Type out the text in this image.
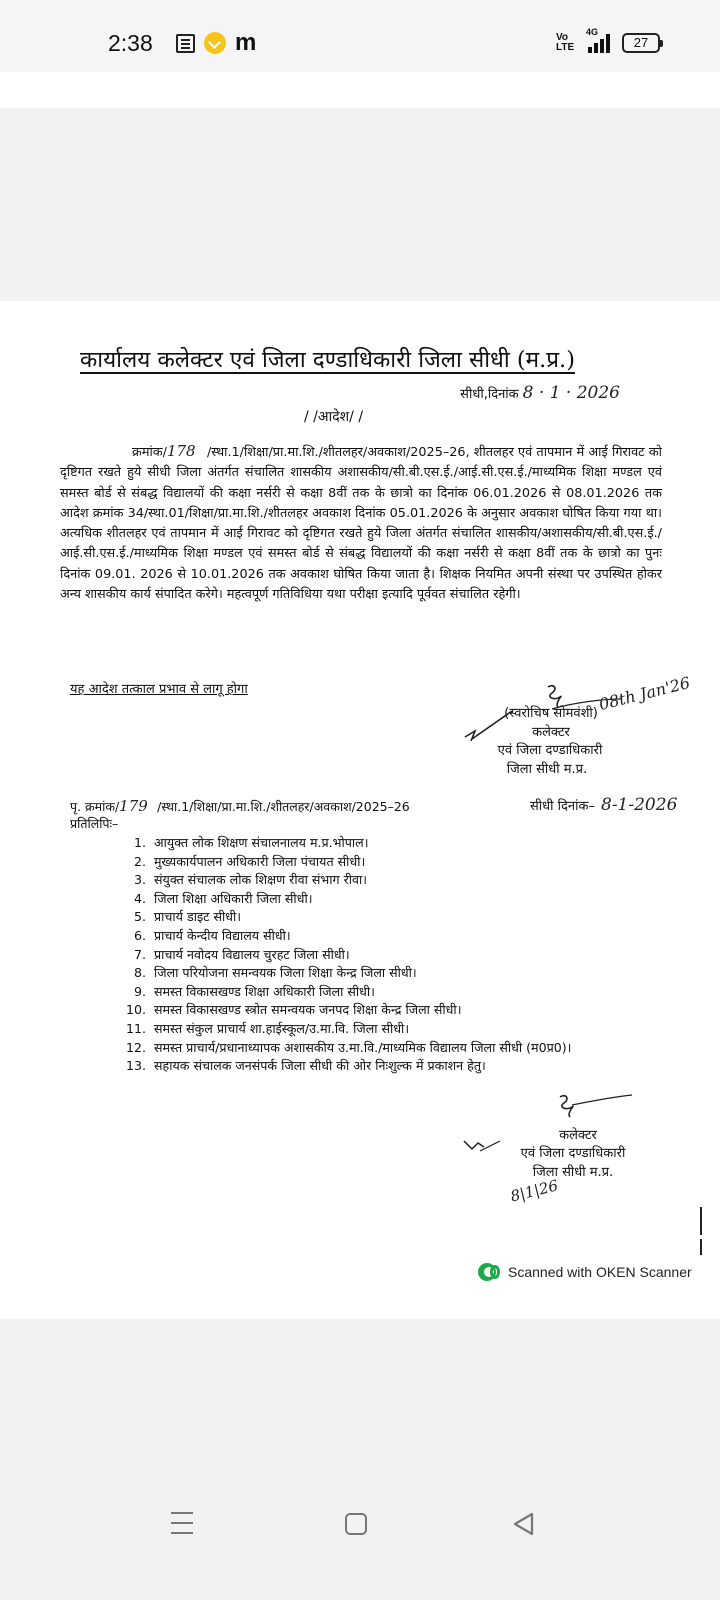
2:38	m	Vo LTE
4G
27
कार्यालय कलेक्टर एवं जिला दण्डाधिकारी जिला सीधी (म.प्र.)
सीधी,दिनांक 8 · 1 · 2026
/ /आदेश/ /
क्रमांक/178 /स्था.1/शिक्षा/प्रा.मा.शि./शीतलहर/अवकाश/2025–26, शीतलहर एवं तापमान में आई गिरावट को दृष्टिगत रखते हुये सीधी जिला अंतर्गत संचालित शासकीय अशासकीय/सी.बी.एस.ई./आई.सी.एस.ई./माध्यमिक शिक्षा मण्डल एवं समस्त बोर्ड से संबद्ध विद्यालयों की कक्षा नर्सरी से कक्षा 8वीं तक के छात्रो का दिनांक 06.01.2026 से 08.01.2026 तक आदेश क्रमांक 34/स्था.01/शिक्षा/प्रा.मा.शि./शीतलहर अवकाश दिनांक 05.01.2026 के अनुसार अवकाश घोषित किया गया था। अत्यधिक शीतलहर एवं तापमान में आई गिरावट को दृष्टिगत रखते हुये जिला अंतर्गत संचालित शासकीय/अशासकीय/सी.बी.एस.ई./आई.सी.एस.ई./माध्यमिक शिक्षा मण्डल एवं समस्त बोर्ड से संबद्ध विद्यालयों की कक्षा नर्सरी से कक्षा 8वीं तक के छात्रो का पुनः दिनांक 09.01. 2026 से 10.01.2026 तक अवकाश घोषित किया जाता है। शिक्षक नियमित अपनी संस्था पर उपस्थित होकर अन्य शासकीय कार्य संपादित करेगे। महत्वपूर्ण गतिविधिया यथा परीक्षा इत्यादि पूर्ववत संचालित रहेगी।
यह आदेश तत्काल प्रभाव से लागू होगा	08th Jan'26
(स्वरोचिष सोमवंशी)
कलेक्टर
एवं जिला दण्डाधिकारी
जिला सीधी म.प्र.
पृ. क्रमांक/179 /स्था.1/शिक्षा/प्रा.मा.शि./शीतलहर/अवकाश/2025–26	सीधी दिनांक– 8-1-2026
प्रतिलिपिः–
1. आयुक्त लोक शिक्षण संचालनालय म.प्र.भोपाल।
2. मुख्यकार्यपालन अधिकारी जिला पंचायत सीधी।
3. संयुक्त संचालक लोक शिक्षण रीवा संभाग रीवा।
4. जिला शिक्षा अधिकारी जिला सीधी।
5. प्राचार्य डाइट सीधी।
6. प्राचार्य केन्दीय विद्यालय सीधी।
7. प्राचार्य नवोदय विद्यालय चुरहट जिला सीधी।
8. जिला परियोजना समन्वयक जिला शिक्षा केन्द्र जिला सीधी।
9. समस्त विकासखण्ड शिक्षा अधिकारी जिला सीधी।
10. समस्त विकासखण्ड स्त्रोत समन्वयक जनपद शिक्षा केन्द्र जिला सीधी।
11. समस्त संकुल प्राचार्य शा.हाईस्कूल/उ.मा.वि. जिला सीधी।
12. समस्त प्राचार्य/प्रधानाध्यापक अशासकीय उ.मा.वि./माध्यमिक विद्यालय जिला सीधी (म0प्र0)।
13. सहायक संचालक जनसंपर्क जिला सीधी की ओर निःशुल्क में प्रकाशन हेतु।
8|1|26
कलेक्टर
एवं जिला दण्डाधिकारी
जिला सीधी म.प्र.
Scanned with OKEN Scanner
